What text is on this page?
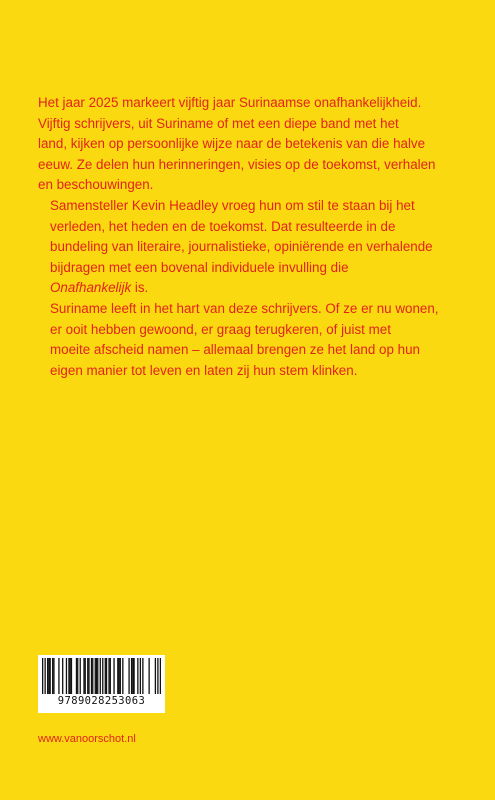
Het jaar 2025 markeert vijftig jaar Surinaamse onafhankelijkheid.
Vijftig schrijvers, uit Suriname of met een diepe band met het
land, kijken op persoonlijke wijze naar de betekenis van die halve
eeuw. Ze delen hun herinneringen, visies op de toekomst, verhalen
en beschouwingen.

Samensteller Kevin Headley vroeg hun om stil te staan bij het
verleden, het heden en de toekomst. Dat resulteerde in de
bundeling van literaire, journalistieke, opiniërende en verhalende
bijdragen met een bovenal individuele invulling die
Onafhankelijk is.

Suriname leeft in het hart van deze schrijvers. Of ze er nu wonen,
er ooit hebben gewoond, er graag terugkeren, of juist met
moeite afscheid namen – allemaal brengen ze het land op hun
eigen manier tot leven en laten zij hun stem klinken.

9789028253063
www.vanoorschot.nl
